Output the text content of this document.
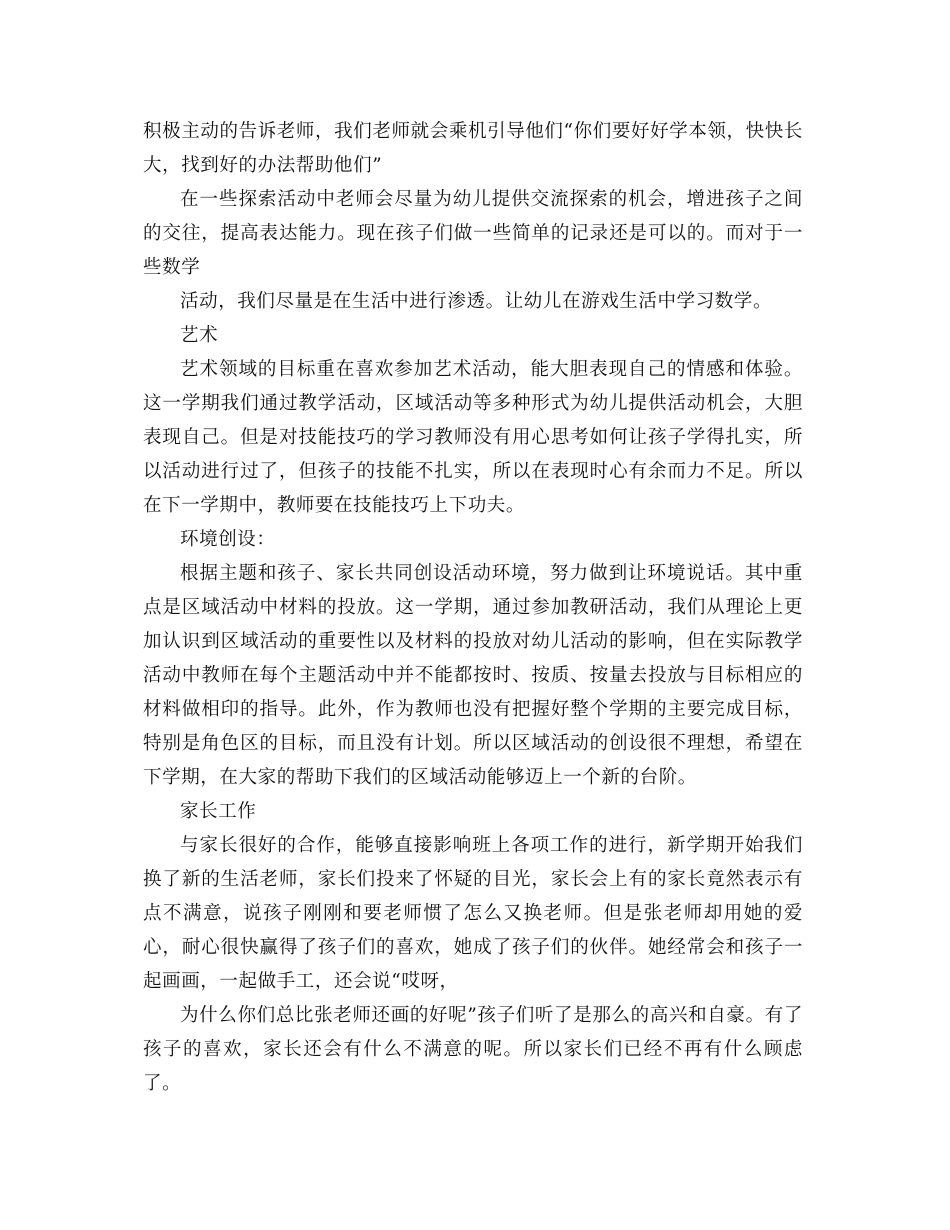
积极主动的告诉老师，我们老师就会乘机引导他们“你们要好好学本领，快快长大，找到好的办法帮助他们”

在一些探索活动中老师会尽量为幼儿提供交流探索的机会，增进孩子之间的交往，提高表达能力。现在孩子们做一些简单的记录还是可以的。而对于一些数学

活动，我们尽量是在生活中进行渗透。让幼儿在游戏生活中学习数学。

艺术

艺术领域的目标重在喜欢参加艺术活动，能大胆表现自己的情感和体验。这一学期我们通过教学活动，区域活动等多种形式为幼儿提供活动机会，大胆表现自己。但是对技能技巧的学习教师没有用心思考如何让孩子学得扎实，所以活动进行过了，但孩子的技能不扎实，所以在表现时心有余而力不足。所以在下一学期中，教师要在技能技巧上下功夫。

环境创设：

根据主题和孩子、家长共同创设活动环境，努力做到让环境说话。其中重点是区域活动中材料的投放。这一学期，通过参加教研活动，我们从理论上更加认识到区域活动的重要性以及材料的投放对幼儿活动的影响，但在实际教学活动中教师在每个主题活动中并不能都按时、按质、按量去投放与目标相应的材料做相印的指导。此外，作为教师也没有把握好整个学期的主要完成目标，特别是角色区的目标，而且没有计划。所以区域活动的创设很不理想，希望在下学期，在大家的帮助下我们的区域活动能够迈上一个新的台阶。

家长工作

与家长很好的合作，能够直接影响班上各项工作的进行，新学期开始我们换了新的生活老师，家长们投来了怀疑的目光，家长会上有的家长竟然表示有点不满意，说孩子刚刚和要老师惯了怎么又换老师。但是张老师却用她的爱心，耐心很快赢得了孩子们的喜欢，她成了孩子们的伙伴。她经常会和孩子一起画画，一起做手工，还会说“哎呀，

为什么你们总比张老师还画的好呢”孩子们听了是那么的高兴和自豪。有了孩子的喜欢，家长还会有什么不满意的呢。所以家长们已经不再有什么顾虑了。
